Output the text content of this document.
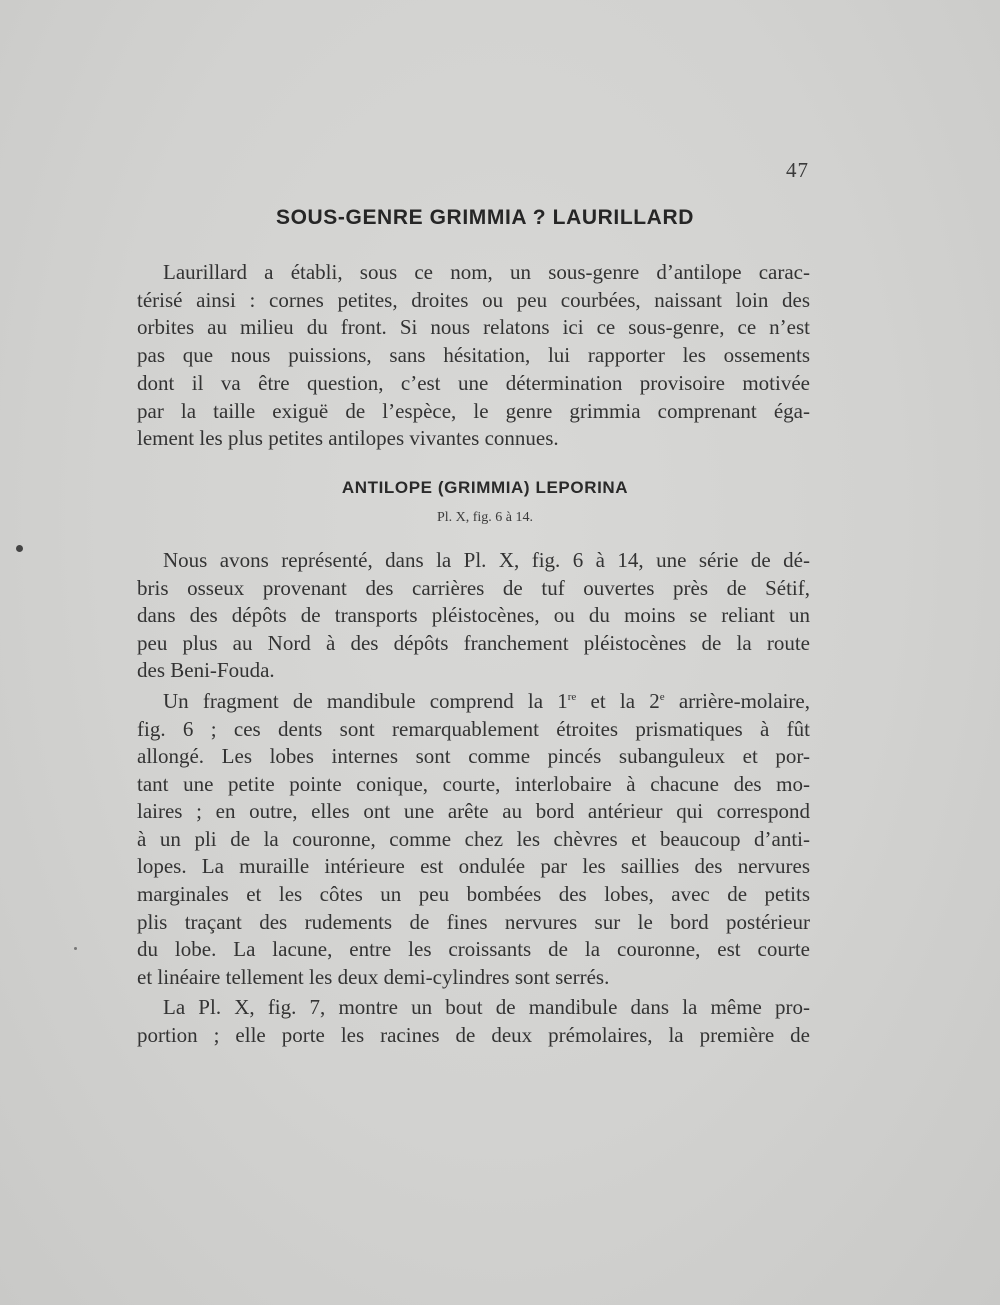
47
SOUS-GENRE GRIMMIA ? LAURILLARD
Laurillard a établi, sous ce nom, un sous-genre d’antilope carac-
térisé ainsi : cornes petites, droites ou peu courbées, naissant loin des
orbites au milieu du front. Si nous relatons ici ce sous-genre, ce n’est
pas que nous puissions, sans hésitation, lui rapporter les ossements
dont il va être question, c’est une détermination provisoire motivée
par la taille exiguë de l’espèce, le genre grimmia comprenant éga-
lement les plus petites antilopes vivantes connues.
ANTILOPE (GRIMMIA) LEPORINA
Pl. X, fig. 6 à 14.
Nous avons représenté, dans la Pl. X, fig. 6 à 14, une série de dé-
bris osseux provenant des carrières de tuf ouvertes près de Sétif,
dans des dépôts de transports pléistocènes, ou du moins se reliant un
peu plus au Nord à des dépôts franchement pléistocènes de la route
des Beni-Fouda.
Un fragment de mandibule comprend la 1re et la 2e arrière-molaire,
fig. 6 ; ces dents sont remarquablement étroites prismatiques à fût
allongé. Les lobes internes sont comme pincés subanguleux et por-
tant une petite pointe conique, courte, interlobaire à chacune des mo-
laires ; en outre, elles ont une arête au bord antérieur qui correspond
à un pli de la couronne, comme chez les chèvres et beaucoup d’anti-
lopes. La muraille intérieure est ondulée par les saillies des nervures
marginales et les côtes un peu bombées des lobes, avec de petits
plis traçant des rudements de fines nervures sur le bord postérieur
du lobe. La lacune, entre les croissants de la couronne, est courte
et linéaire tellement les deux demi-cylindres sont serrés.
La Pl. X, fig. 7, montre un bout de mandibule dans la même pro-
portion ; elle porte les racines de deux prémolaires, la première de
